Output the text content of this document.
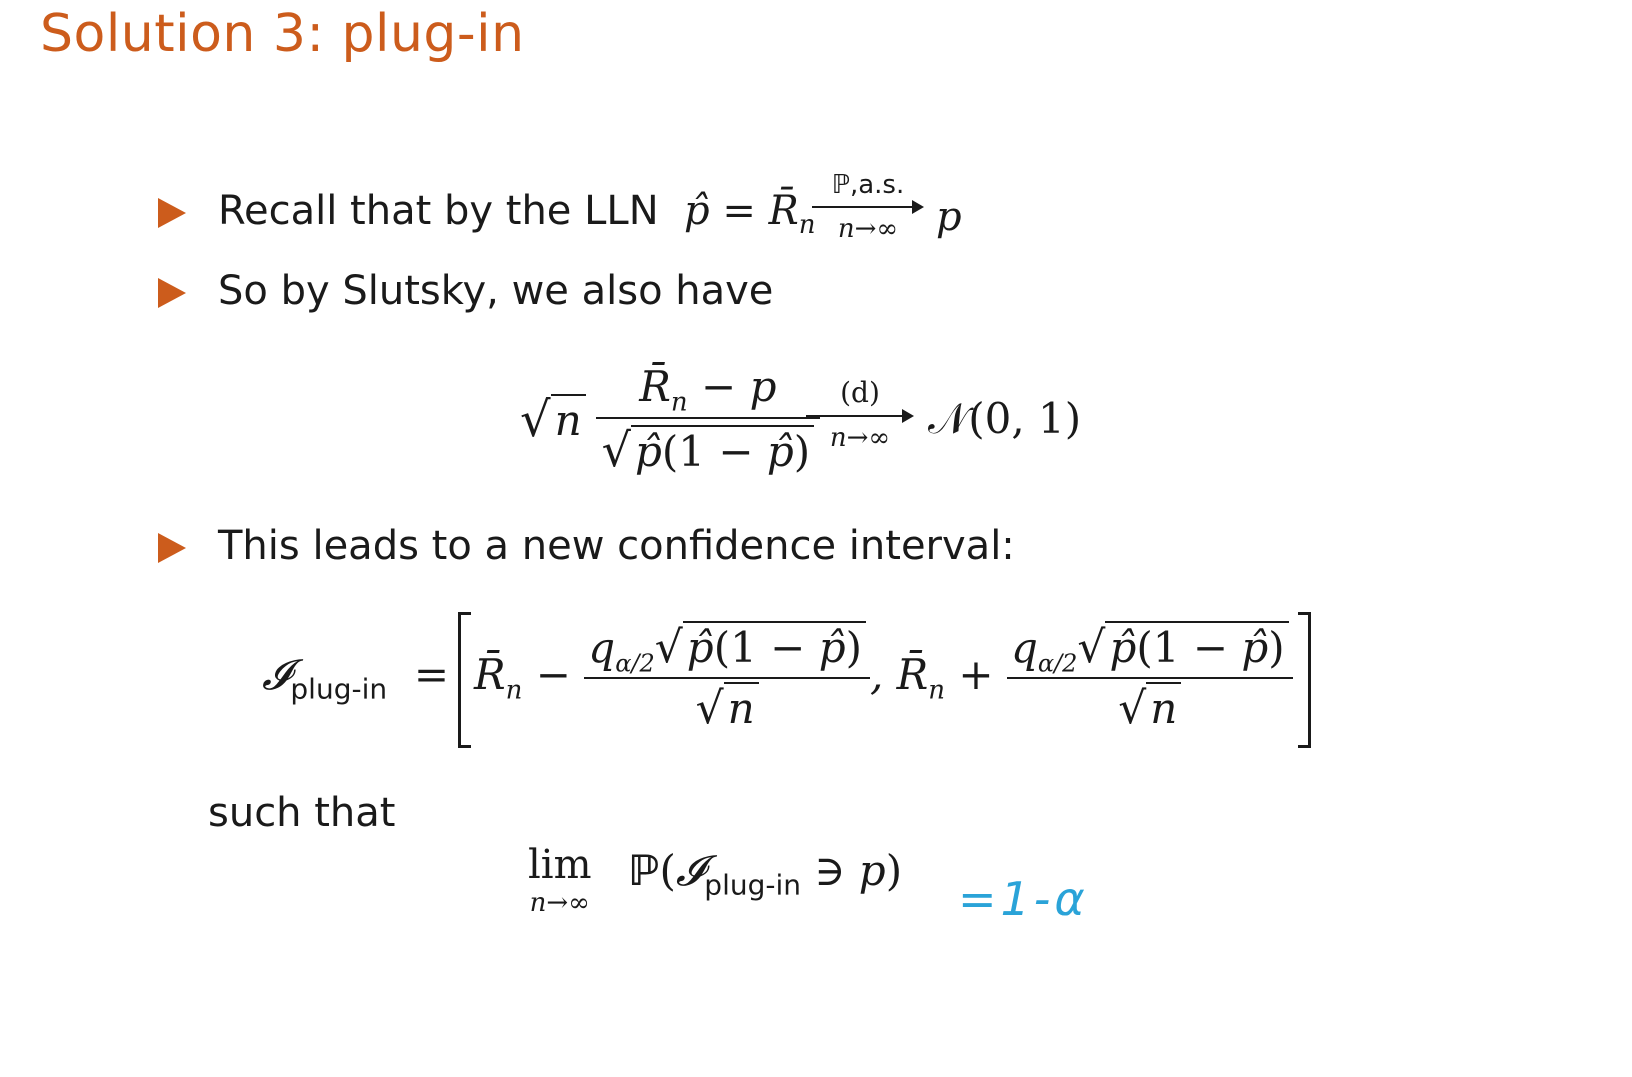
Solution 3: plug-in
Recall that by the LLN  p̂ = $R̄_n$
ℙ,a.s.
n→∞ p
So by Slutsky, we also have
√ n $\frac{R̄_n - p}{√p̂(1 - p̂)} (d)$
n→∞ 𝒩(0, 1)
This leads to a new confidence interval:
𝓘$_{plug-in}$  = $R̄_n - \frac{q_{\alpha/2}√p̂(1 - p̂)}{√n}$ , $R̄_n + \frac{q_{\alpha/2}√p̂(1 - p̂)}{√n}$
such that
lim
n→∞
ℙ(𝓘$_{plug-in}$ ∋ p)
=1-α
